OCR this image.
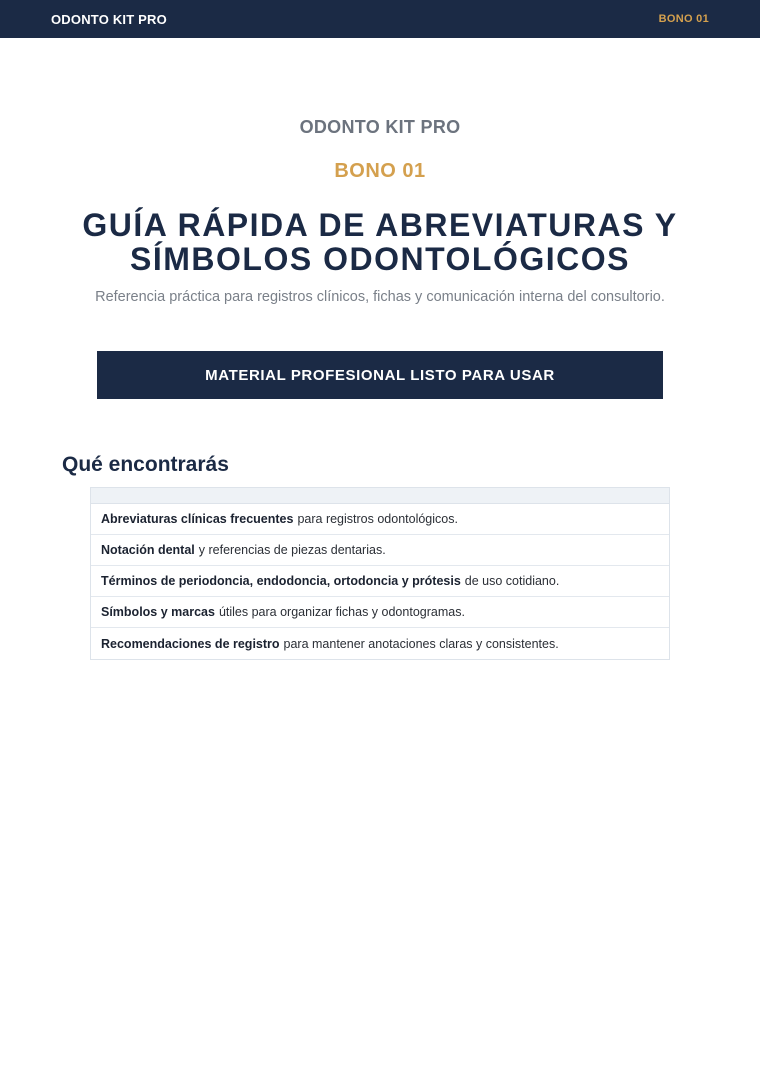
ODONTO KIT PRO	BONO 01
ODONTO KIT PRO
BONO 01
GUÍA RÁPIDA DE ABREVIATURAS Y SÍMBOLOS ODONTOLÓGICOS
Referencia práctica para registros clínicos, fichas y comunicación interna del consultorio.
MATERIAL PROFESIONAL LISTO PARA USAR
Qué encontrarás
Abreviaturas clínicas frecuentes para registros odontológicos.
Notación dental y referencias de piezas dentarias.
Términos de periodoncia, endodoncia, ortodoncia y prótesis de uso cotidiano.
Símbolos y marcas útiles para organizar fichas y odontogramas.
Recomendaciones de registro para mantener anotaciones claras y consistentes.
